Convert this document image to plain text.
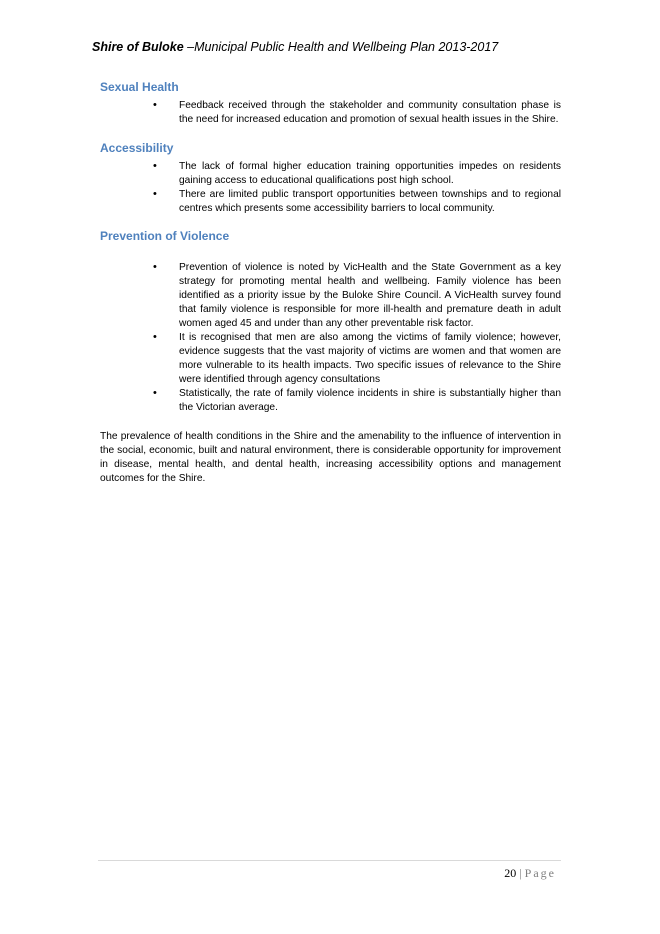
Shire of Buloke –Municipal Public Health and Wellbeing Plan 2013-2017
Sexual Health
• Feedback received through the stakeholder and community consultation phase is the need for increased education and promotion of sexual health issues in the Shire.
Accessibility
• The lack of formal higher education training opportunities impedes on residents gaining access to educational qualifications post high school.
• There are limited public transport opportunities between townships and to regional centres which presents some accessibility barriers to local community.
Prevention of Violence
• Prevention of violence is noted by VicHealth and the State Government as a key strategy for promoting mental health and wellbeing. Family violence has been identified as a priority issue by the Buloke Shire Council. A VicHealth survey found that family violence is responsible for more ill-health and premature death in adult women aged 45 and under than any other preventable risk factor.
• It is recognised that men are also among the victims of family violence; however, evidence suggests that the vast majority of victims are women and that women are more vulnerable to its health impacts. Two specific issues of relevance to the Shire were identified through agency consultations
• Statistically, the rate of family violence incidents in shire is substantially higher than the Victorian average.

The prevalence of health conditions in the Shire and the amenability to the influence of intervention in the social, economic, built and natural environment, there is considerable opportunity for improvement in disease, mental health, and dental health, increasing accessibility options and management outcomes for the Shire.

20 | Page
